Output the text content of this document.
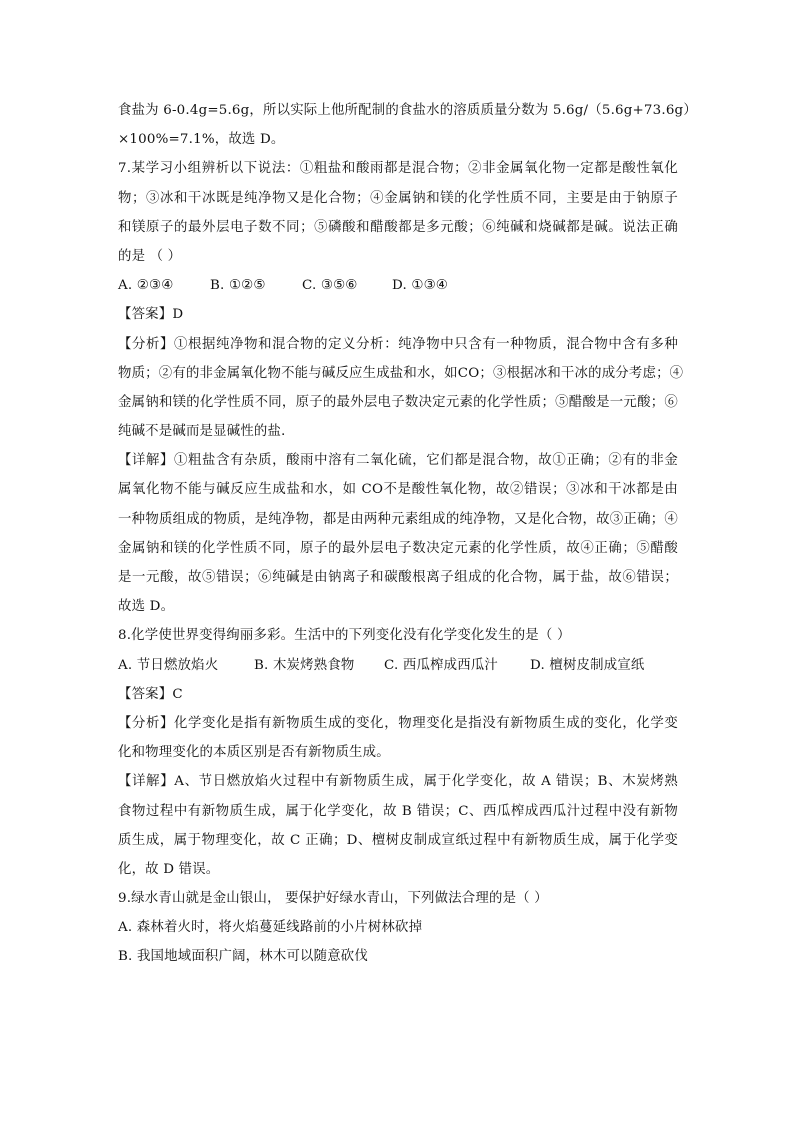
食盐为 6-0.4g=5.6g，所以实际上他所配制的食盐水的溶质质量分数为 5.6g/（5.6g+73.6g）
×100%=7.1%，故选 D。
7.某学习小组辨析以下说法：①粗盐和酸雨都是混合物；②非金属氧化物一定都是酸性氧化
物；③冰和干冰既是纯净物又是化合物；④金属钠和镁的化学性质不同，主要是由于钠原子
和镁原子的最外层电子数不同；⑤磷酸和醋酸都是多元酸；⑥纯碱和烧碱都是碱。说法正确
的是 （ ）
A. ②③④	B. ①②⑤	C. ③⑤⑥	D. ①③④
【答案】D
【分析】①根据纯净物和混合物的定义分析：纯净物中只含有一种物质，混合物中含有多种
物质；②有的非金属氧化物不能与碱反应生成盐和水，如CO；③根据冰和干冰的成分考虑；④
金属钠和镁的化学性质不同，原子的最外层电子数决定元素的化学性质；⑤醋酸是一元酸；⑥
纯碱不是碱而是显碱性的盐．
【详解】①粗盐含有杂质，酸雨中溶有二氧化硫，它们都是混合物，故①正确；②有的非金
属氧化物不能与碱反应生成盐和水，如 CO不是酸性氧化物，故②错误；③冰和干冰都是由
一种物质组成的物质，是纯净物，都是由两种元素组成的纯净物，又是化合物，故③正确；④
金属钠和镁的化学性质不同，原子的最外层电子数决定元素的化学性质，故④正确；⑤醋酸
是一元酸，故⑤错误；⑥纯碱是由钠离子和碳酸根离子组成的化合物，属于盐，故⑥错误；
故选 D。
8.化学使世界变得绚丽多彩。生活中的下列变化没有化学变化发生的是（ ）
A. 节日燃放焰火	B. 木炭烤熟食物 C. 西瓜榨成西瓜汁 D. 檀树皮制成宣纸
【答案】C
【分析】化学变化是指有新物质生成的变化，物理变化是指没有新物质生成的变化，化学变
化和物理变化的本质区别是否有新物质生成。
【详解】A、节日燃放焰火过程中有新物质生成，属于化学变化，故 A 错误；B、木炭烤熟
食物过程中有新物质生成，属于化学变化，故 B 错误；C、西瓜榨成西瓜汁过程中没有新物
质生成，属于物理变化，故 C 正确；D、檀树皮制成宣纸过程中有新物质生成，属于化学变
化，故 D 错误。
9.绿水青山就是金山银山， 要保护好绿水青山，下列做法合理的是（ ）
A. 森林着火时，将火焰蔓延线路前的小片树林砍掉
B. 我国地域面积广阔，林木可以随意砍伐
